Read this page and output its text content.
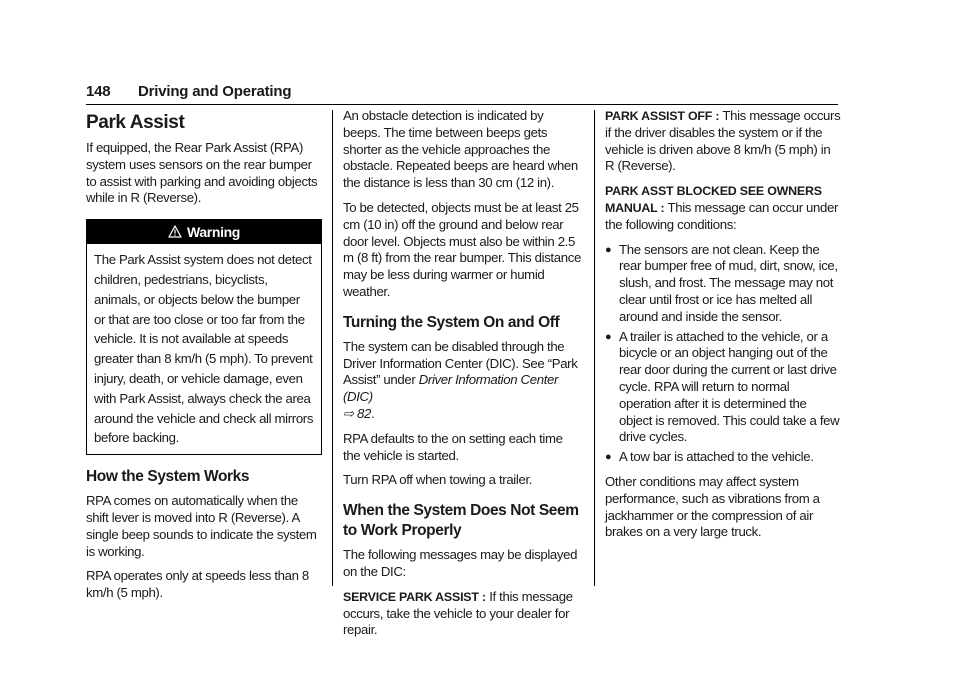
148 Driving and Operating
Park Assist

If equipped, the Rear Park Assist (RPA) system uses sensors on the rear bumper to assist with parking and avoiding objects while in R (Reverse).

Warning
The Park Assist system does not detect children, pedestrians, bicyclists, animals, or objects below the bumper or that are too close or too far from the vehicle. It is not available at speeds greater than 8 km/h (5 mph). To prevent injury, death, or vehicle damage, even with Park Assist, always check the area around the vehicle and check all mirrors before backing.
How the System Works

RPA comes on automatically when the shift lever is moved into R (Reverse). A single beep sounds to indicate the system is working.

RPA operates only at speeds less than 8 km/h (5 mph).

An obstacle detection is indicated by beeps. The time between beeps gets shorter as the vehicle approaches the obstacle. Repeated beeps are heard when the distance is less than 30 cm (12 in).

To be detected, objects must be at least 25 cm (10 in) off the ground and below rear door level. Objects must also be within 2.5 m (8 ft) from the rear bumper. This distance may be less during warmer or humid weather.

Turning the System On and Off

The system can be disabled through the Driver Information Center (DIC). See “Park Assist” under Driver Information Center (DIC)
⇨ 82.

RPA defaults to the on setting each time the vehicle is started.

Turn RPA off when towing a trailer.

When the System Does Not Seem to Work Properly

The following messages may be displayed on the DIC:

SERVICE PARK ASSIST : If this message occurs, take the vehicle to your dealer for repair.

PARK ASSIST OFF : This message occurs if the driver disables the system or if the vehicle is driven above 8 km/h (5 mph) in R (Reverse).

PARK ASST BLOCKED SEE OWNERS MANUAL : This message can occur under the following conditions:

● The sensors are not clean. Keep the rear bumper free of mud, dirt, snow, ice, slush, and frost. The message may not clear until frost or ice has melted all around and inside the sensor.
● A trailer is attached to the vehicle, or a bicycle or an object hanging out of the rear door during the current or last drive cycle. RPA will return to normal operation after it is determined the object is removed. This could take a few drive cycles.
● A tow bar is attached to the vehicle.

Other conditions may affect system performance, such as vibrations from a jackhammer or the compression of air brakes on a very large truck.
